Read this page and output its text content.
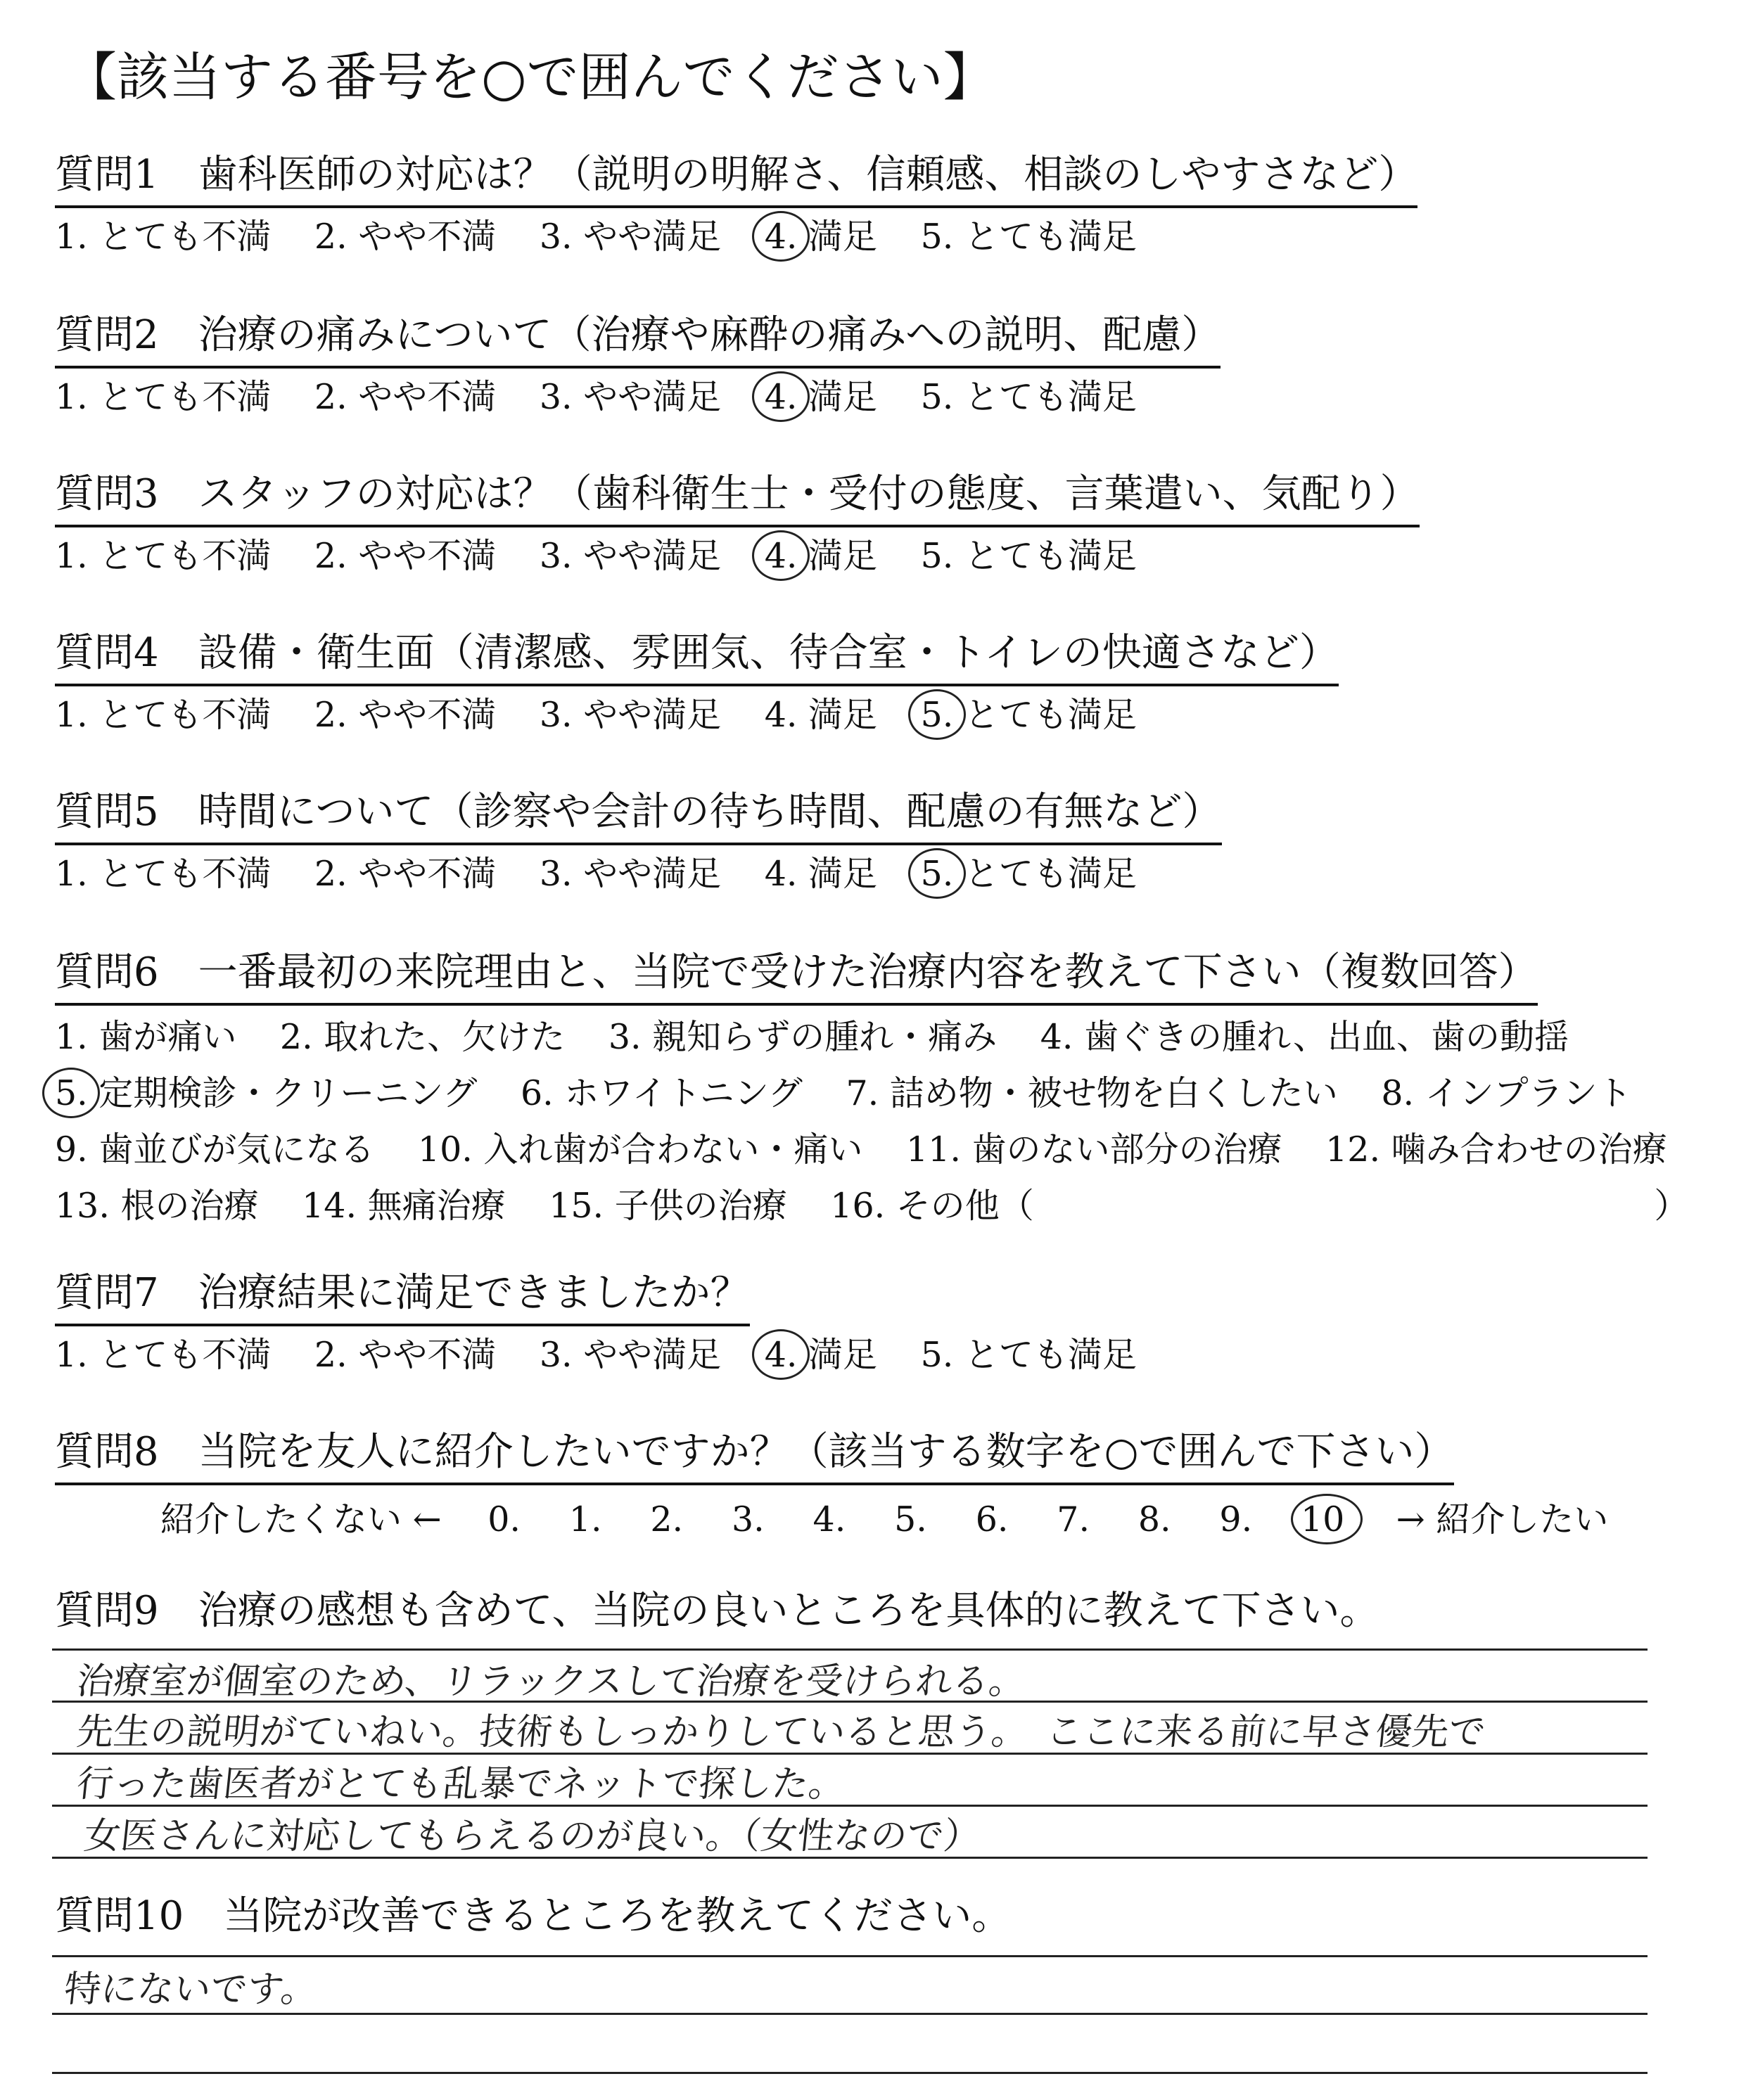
【該当する番号を○で囲んでください】
質問1　歯科医師の対応は？（説明の明解さ、信頼感、相談のしやすさなど）
1. とても不満 2. やや不満 3. やや満足 4. 満足 5. とても満足
質問2　治療の痛みについて（治療や麻酔の痛みへの説明、配慮）
1. とても不満 2. やや不満 3. やや満足 4. 満足 5. とても満足
質問3　スタッフの対応は？（歯科衛生士・受付の態度、言葉遣い、気配り）
1. とても不満 2. やや不満 3. やや満足 4. 満足 5. とても満足
質問4　設備・衛生面（清潔感、雰囲気、待合室・トイレの快適さなど）
1. とても不満 2. やや不満 3. やや満足 4. 満足 5. とても満足
質問5　時間について（診察や会計の待ち時間、配慮の有無など）
1. とても不満 2. やや不満 3. やや満足 4. 満足 5. とても満足
質問6　一番最初の来院理由と、当院で受けた治療内容を教えて下さい（複数回答）
1. 歯が痛い 2. 取れた、欠けた 3. 親知らずの腫れ・痛み 4. 歯ぐきの腫れ、出血、歯の動揺
5. 定期検診・クリーニング 6. ホワイトニング 7. 詰め物・被せ物を白くしたい 8. インプラント
9. 歯並びが気になる 10. 入れ歯が合わない・痛い 11. 歯のない部分の治療 12. 噛み合わせの治療
13. 根の治療 14. 無痛治療 15. 子供の治療 16. その他（	）
質問7　治療結果に満足できましたか？
1. とても不満 2. やや不満 3. やや満足 4. 満足 5. とても満足
質問8　当院を友人に紹介したいですか？（該当する数字を○で囲んで下さい）
紹介したくない ← 0. 1. 2. 3. 4. 5. 6. 7. 8. 9. 10 → 紹介したい
質問9　治療の感想も含めて、当院の良いところを具体的に教えて下さい。
治療室が個室のため、リラックスして治療を受けられる。
先生の説明がていねい。技術もしっかりしていると思う。　ここに来る前に早さ優先で
行った歯医者がとても乱暴でネットで探した。
女医さんに対応してもらえるのが良い。（女性なので）
質問10　当院が改善できるところを教えてください。
特にないです。
